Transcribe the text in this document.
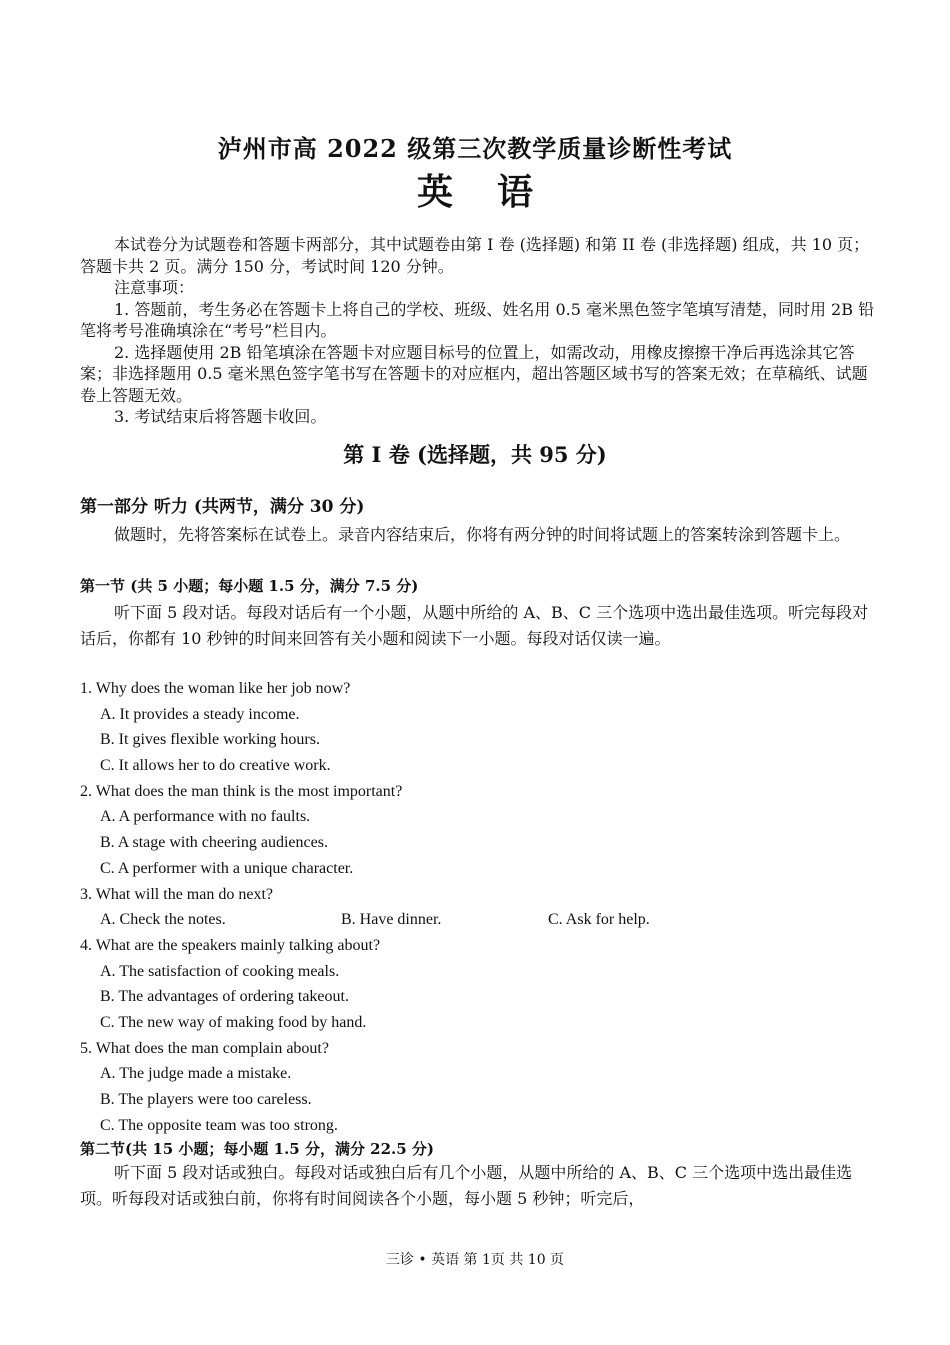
泸州市高 2022 级第三次教学质量诊断性考试
英语

本试卷分为试题卷和答题卡两部分，其中试题卷由第 I 卷 (选择题) 和第 II 卷 (非选择题) 组成，共 10 页；答题卡共 2 页。满分 150 分，考试时间 120 分钟。

注意事项：

1. 答题前，考生务必在答题卡上将自己的学校、班级、姓名用 0.5 毫米黑色签字笔填写清楚，同时用 2B 铅笔将考号准确填涂在“考号”栏目内。

2. 选择题使用 2B 铅笔填涂在答题卡对应题目标号的位置上，如需改动，用橡皮擦擦干净后再选涂其它答案；非选择题用 0.5 毫米黑色签字笔书写在答题卡的对应框内，超出答题区域书写的答案无效；在草稿纸、试题卷上答题无效。

3. 考试结束后将答题卡收回。

第 I 卷 (选择题，共 95 分)
第一部分 听力 (共两节，满分 30 分)

做题时，先将答案标在试卷上。录音内容结束后，你将有两分钟的时间将试题上的答案转涂到答题卡上。

第一节 (共 5 小题；每小题 1.5 分，满分 7.5 分)

听下面 5 段对话。每段对话后有一个小题，从题中所给的 A、B、C 三个选项中选出最佳选项。听完每段对话后，你都有 10 秒钟的时间来回答有关小题和阅读下一小题。每段对话仅读一遍。

1. Why does the woman like her job now?
A. It provides a steady income.
B. It gives flexible working hours.
C. It allows her to do creative work.
2. What does the man think is the most important?
A. A performance with no faults.
B. A stage with cheering audiences.
C. A performer with a unique character.
3. What will the man do next?
A. Check the notes.	B. Have dinner.	C. Ask for help.
4. What are the speakers mainly talking about?
A. The satisfaction of cooking meals.
B. The advantages of ordering takeout.
C. The new way of making food by hand.
5. What does the man complain about?
A. The judge made a mistake.
B. The players were too careless.
C. The opposite team was too strong.
第二节(共 15 小题；每小题 1.5 分，满分 22.5 分)

听下面 5 段对话或独白。每段对话或独白后有几个小题，从题中所给的 A、B、C 三个选项中选出最佳选项。听每段对话或独白前，你将有时间阅读各个小题，每小题 5 秒钟；听完后，

三诊 • 英语 第 1页 共 10 页
